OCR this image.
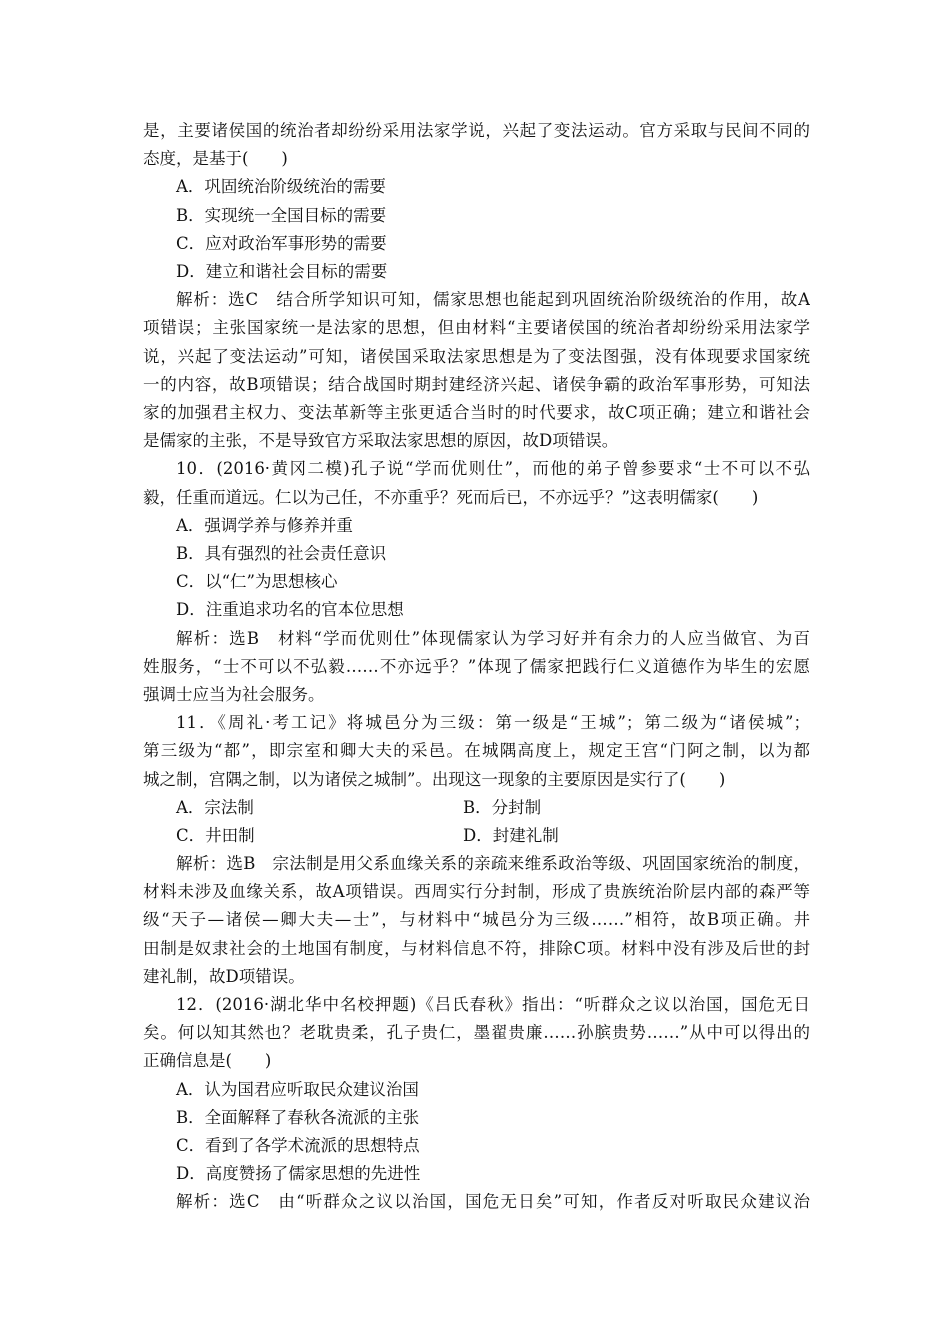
是，主要诸侯国的统治者却纷纷采用法家学说，兴起了变法运动。官方采取与民间不同的
态度，是基于(　　)
A．巩固统治阶级统治的需要
B．实现统一全国目标的需要
C．应对政治军事形势的需要
D．建立和谐社会目标的需要
解析：选C　结合所学知识可知，儒家思想也能起到巩固统治阶级统治的作用，故A
项错误；主张国家统一是法家的思想，但由材料“主要诸侯国的统治者却纷纷采用法家学
说，兴起了变法运动”可知，诸侯国采取法家思想是为了变法图强，没有体现要求国家统
一的内容，故B项错误；结合战国时期封建经济兴起、诸侯争霸的政治军事形势，可知法
家的加强君主权力、变法革新等主张更适合当时的时代要求，故C项正确；建立和谐社会
是儒家的主张，不是导致官方采取法家思想的原因，故D项错误。
10．(2016·黄冈二模)孔子说“学而优则仕”，而他的弟子曾参要求“士不可以不弘
毅，任重而道远。仁以为己任，不亦重乎？死而后已，不亦远乎？”这表明儒家(　　)
A．强调学养与修养并重
B．具有强烈的社会责任意识
C．以“仁”为思想核心
D．注重追求功名的官本位思想
解析：选B　材料“学而优则仕”体现儒家认为学习好并有余力的人应当做官、为百
姓服务，“士不可以不弘毅……不亦远乎？”体现了儒家把践行仁义道德作为毕生的宏愿
强调士应当为社会服务。
11．《周礼·考工记》将城邑分为三级：第一级是“王城”；第二级为“诸侯城”；
第三级为“都”，即宗室和卿大夫的采邑。在城隅高度上，规定王宫“门阿之制，以为都
城之制，宫隅之制，以为诸侯之城制”。出现这一现象的主要原因是实行了(　　)
A．宗法制	B．分封制
C．井田制	D．封建礼制
解析：选B　宗法制是用父系血缘关系的亲疏来维系政治等级、巩固国家统治的制度，
材料未涉及血缘关系，故A项错误。西周实行分封制，形成了贵族统治阶层内部的森严等
级“天子—诸侯—卿大夫—士”，与材料中“城邑分为三级……”相符，故B项正确。井
田制是奴隶社会的土地国有制度，与材料信息不符，排除C项。材料中没有涉及后世的封
建礼制，故D项错误。
12．(2016·湖北华中名校押题)《吕氏春秋》指出：“听群众之议以治国，国危无日
矣。何以知其然也？老耽贵柔，孔子贵仁，墨翟贵廉……孙膑贵势……”从中可以得出的
正确信息是(　　)
A．认为国君应听取民众建议治国
B．全面解释了春秋各流派的主张
C．看到了各学术流派的思想特点
D．高度赞扬了儒家思想的先进性
解析：选C　由“听群众之议以治国，国危无日矣”可知，作者反对听取民众建议治
